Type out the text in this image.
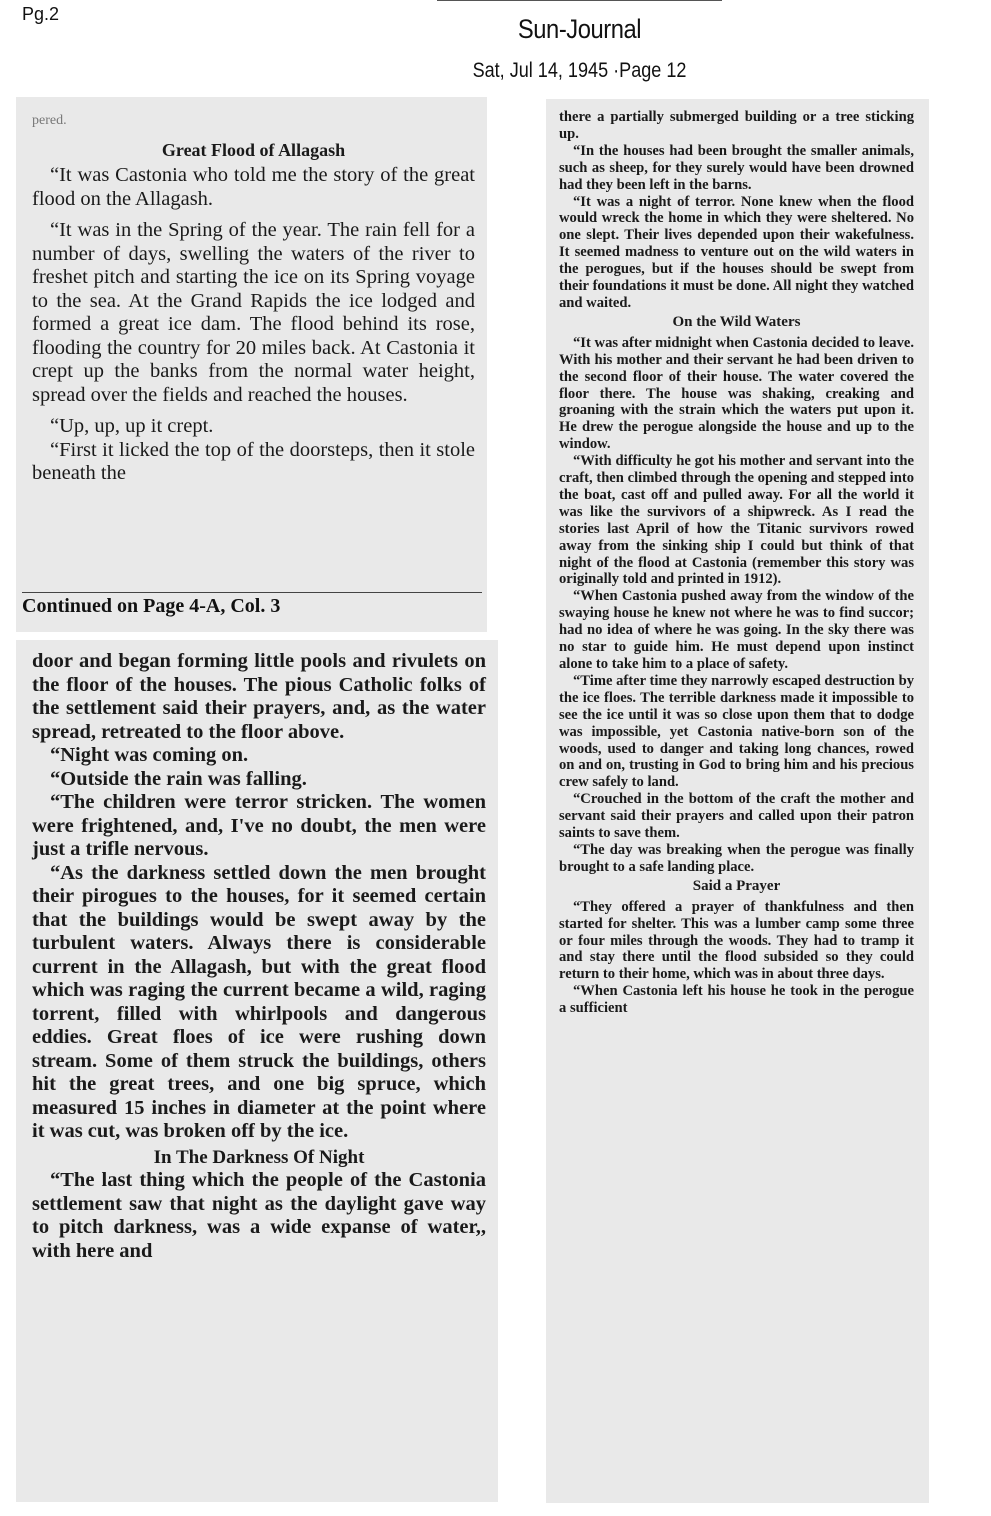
Pg.2	Sun-Journal
Sat, Jul 14, 1945 ·Page 12

pered.

Great Flood of Allagash

“It was Castonia who told me the story of the great flood on the Allagash.

“It was in the Spring of the year. The rain fell for a number of days, swelling the waters of the river to freshet pitch and starting the ice on its Spring voyage to the sea. At the Grand Rapids the ice lodged and formed a great ice dam. The flood behind its rose, flooding the country for 20 miles back. At Castonia it crept up the banks from the normal water height, spread over the fields and reached the houses.

“Up, up, up it crept.

“First it licked the top of the doorsteps, then it stole beneath the

Continued on Page 4-A, Col. 3

door and began forming little pools and rivulets on the floor of the houses. The pious Catholic folks of the settlement said their prayers, and, as the water spread, retreated to the floor above.

“Night was coming on.

“Outside the rain was falling.

“The children were terror stricken. The women were frightened, and, I've no doubt, the men were just a trifle nervous.

“As the darkness settled down the men brought their pirogues to the houses, for it seemed certain that the buildings would be swept away by the turbulent waters. Always there is considerable current in the Allagash, but with the great flood which was raging the current became a wild, raging torrent, filled with whirlpools and dangerous eddies. Great floes of ice were rushing down stream. Some of them struck the buildings, others hit the great trees, and one big spruce, which measured 15 inches in diameter at the point where it was cut, was broken off by the ice.

In The Darkness Of Night

“The last thing which the people of the Castonia settlement saw that night as the daylight gave way to pitch darkness, was a wide expanse of water,, with here and

there a partially submerged building or a tree sticking up.

“In the houses had been brought the smaller animals, such as sheep, for they surely would have been drowned had they been left in the barns.

“It was a night of terror. None knew when the flood would wreck the home in which they were sheltered. No one slept. Their lives depended upon their wakefulness. It seemed madness to venture out on the wild waters in the perogues, but if the houses should be swept from their foundations it must be done. All night they watched and waited.

On the Wild Waters

“It was after midnight when Castonia decided to leave. With his mother and their servant he had been driven to the second floor of their house. The water covered the floor there. The house was shaking, creaking and groaning with the strain which the waters put upon it. He drew the perogue alongside the house and up to the window.

“With difficulty he got his mother and servant into the craft, then climbed through the opening and stepped into the boat, cast off and pulled away. For all the world it was like the survivors of a shipwreck. As I read the stories last April of how the Titanic survivors rowed away from the sinking ship I could but think of that night of the flood at Castonia (remember this story was originally told and printed in 1912).

“When Castonia pushed away from the window of the swaying house he knew not where he was to find succor; had no idea of where he was going. In the sky there was no star to guide him. He must depend upon instinct alone to take him to a place of safety.

“Time after time they narrowly escaped destruction by the ice floes. The terrible darkness made it impossible to see the ice until it was so close upon them that to dodge was impossible, yet Castonia native-born son of the woods, used to danger and taking long chances, rowed on and on, trusting in God to bring him and his precious crew safely to land.

“Crouched in the bottom of the craft the mother and servant said their prayers and called upon their patron saints to save them.

“The day was breaking when the perogue was finally brought to a safe landing place.

Said a Prayer

“They offered a prayer of thankfulness and then started for shelter. This was a lumber camp some three or four miles through the woods. They had to tramp it and stay there until the flood subsided so they could return to their home, which was in about three days.

“When Castonia left his house he took in the perogue a sufficient
